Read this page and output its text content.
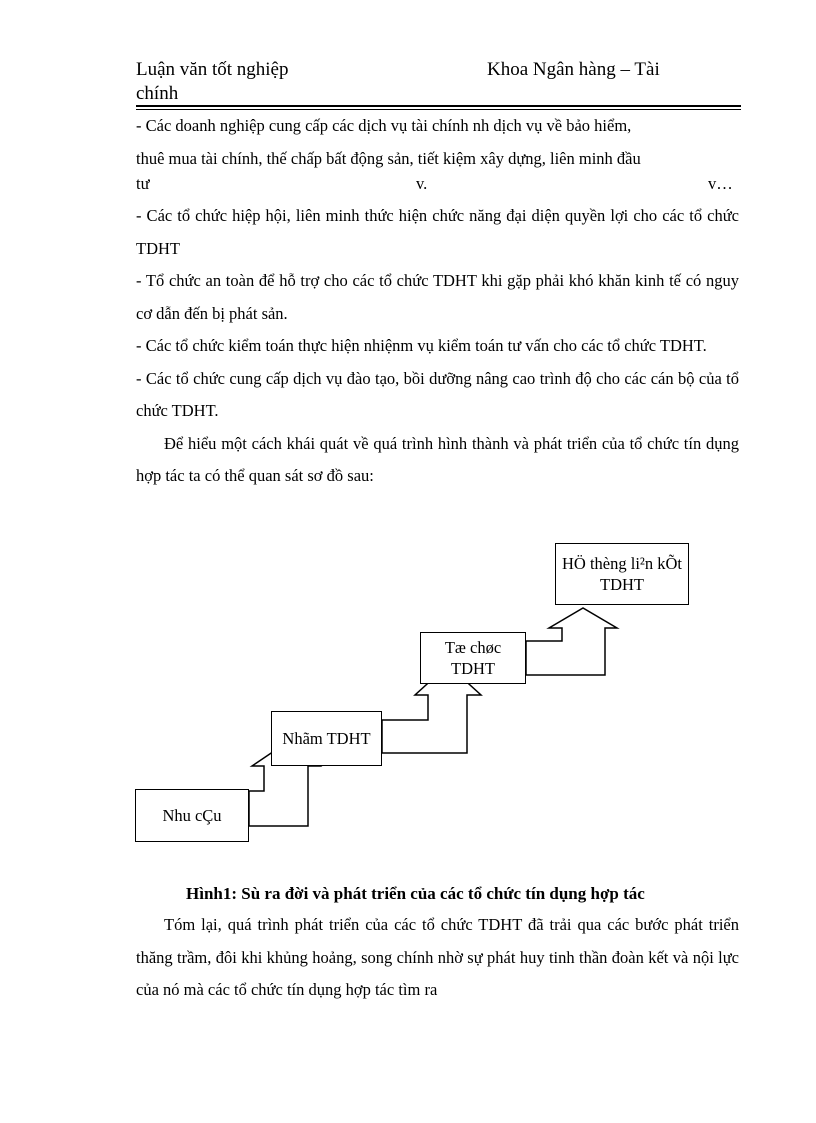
Luận văn tốt nghiệp	Khoa Ngân hàng – Tài
chính

- Các doanh nghiệp cung cấp các dịch vụ tài chính nh dịch vụ về bảo hiểm,

thuê mua tài chính, thế chấp bất động sản, tiết kiệm xây dựng, liên minh đầu

tư	v.	v…

- Các tổ chức hiệp hội, liên minh thức hiện chức năng đại diện quyền lợi cho các tổ chức TDHT

- Tổ chức an toàn để hỗ trợ cho các tổ chức TDHT khi gặp phải khó khăn kinh tế có nguy cơ dẫn đến bị phát sản.

- Các tổ chức kiểm toán thực hiện nhiệnm vụ kiểm toán tư vấn cho các tổ chức TDHT.

- Các tổ chức cung cấp dịch vụ đào tạo, bồi dưỡng nâng cao trình độ cho các cán bộ của tổ chức TDHT.

Để hiểu một cách khái quát về quá trình hình thành và phát triển của tổ chức tín dụng hợp tác ta có thể quan sát sơ đồ sau:

Nhu cÇu
Nhãm TDHT
Tæ chøc TDHT
HÖ thèng li²n kÕt TDHT
Hình1: Sù ra đời và phát triển của các tổ chức tín dụng hợp tác

Tóm lại, quá trình phát triển của các tổ chức TDHT đã trải qua các bước phát triển thăng trầm, đôi khi khủng hoảng, song chính nhờ sự phát huy tinh thần đoàn kết và nội lực của nó mà các tổ chức tín dụng hợp tác tìm ra
